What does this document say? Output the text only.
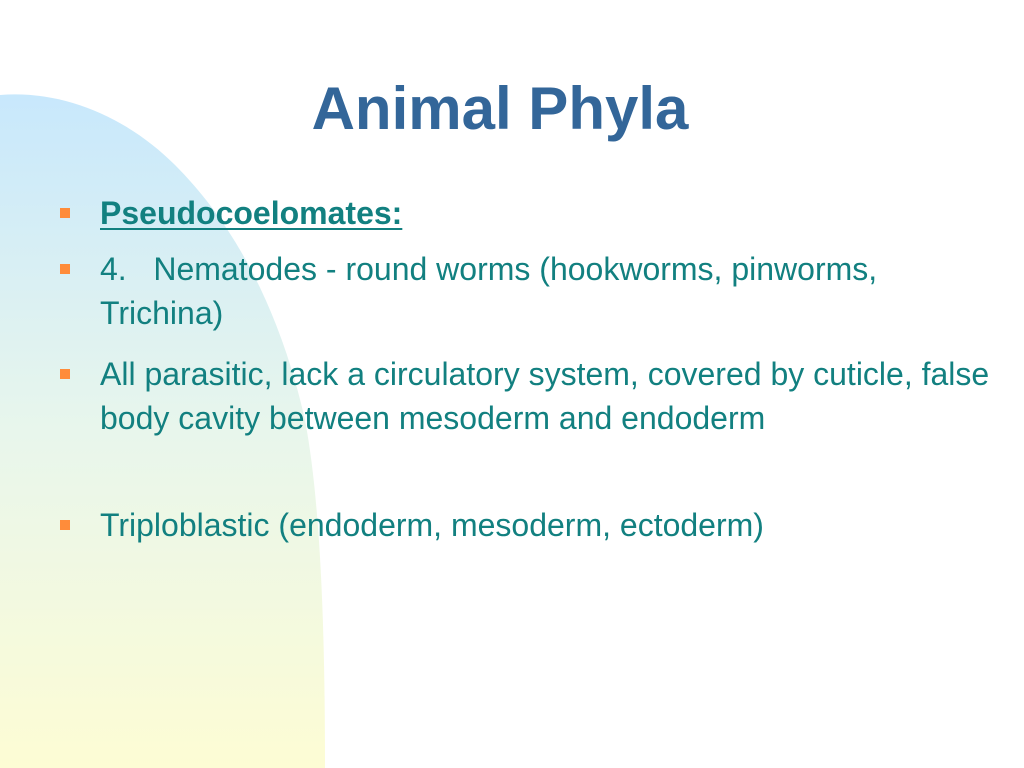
Animal Phyla
Pseudocoelomates:
4.   Nematodes - round worms (hookworms, pinworms, Trichina)
All parasitic, lack a circulatory system, covered by cuticle, false body cavity between mesoderm and endoderm
Triploblastic (endoderm, mesoderm, ectoderm)
